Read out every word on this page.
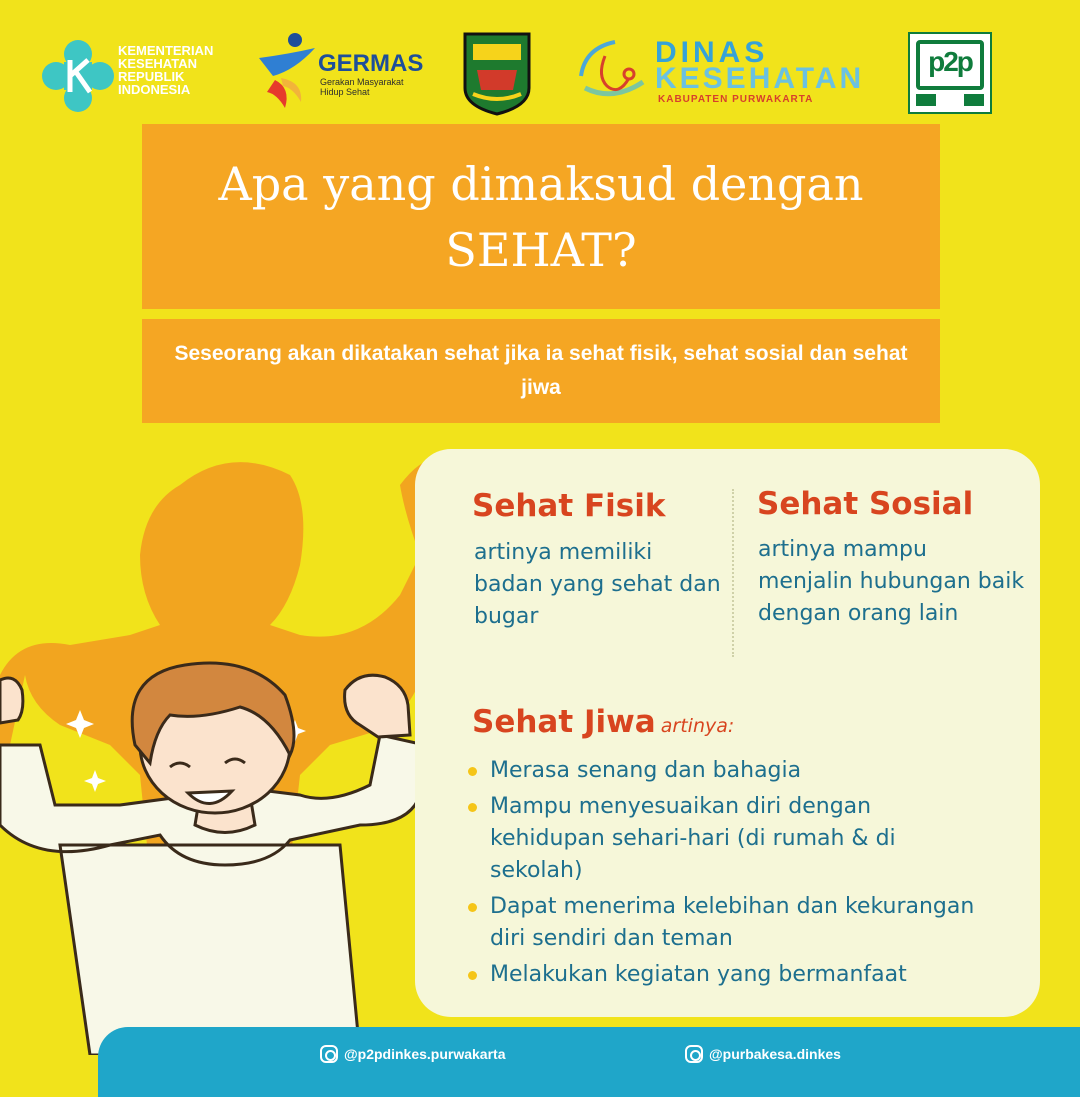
KEMENTERIAN
KESEHATAN
REPUBLIK
INDONESIA
GERMAS
Gerakan Masyarakat
Hidup Sehat
DINAS
KESEHATAN
KABUPATEN PURWAKARTA
p2p
Apa yang dimaksud dengan SEHAT?
Seseorang akan dikatakan sehat jika ia sehat fisik, sehat sosial dan sehat jiwa
Sehat Fisik
artinya memiliki badan yang sehat dan bugar
Sehat Sosial
artinya mampu menjalin hubungan baik dengan orang lain
Sehat Jiwa artinya:
Merasa senang dan bahagia
Mampu menyesuaikan diri dengan kehidupan sehari-hari (di rumah & di sekolah)
Dapat menerima kelebihan dan kekurangan diri sendiri dan teman
Melakukan kegiatan yang bermanfaat
@p2pdinkes.purwakarta	@purbakesa.dinkes
